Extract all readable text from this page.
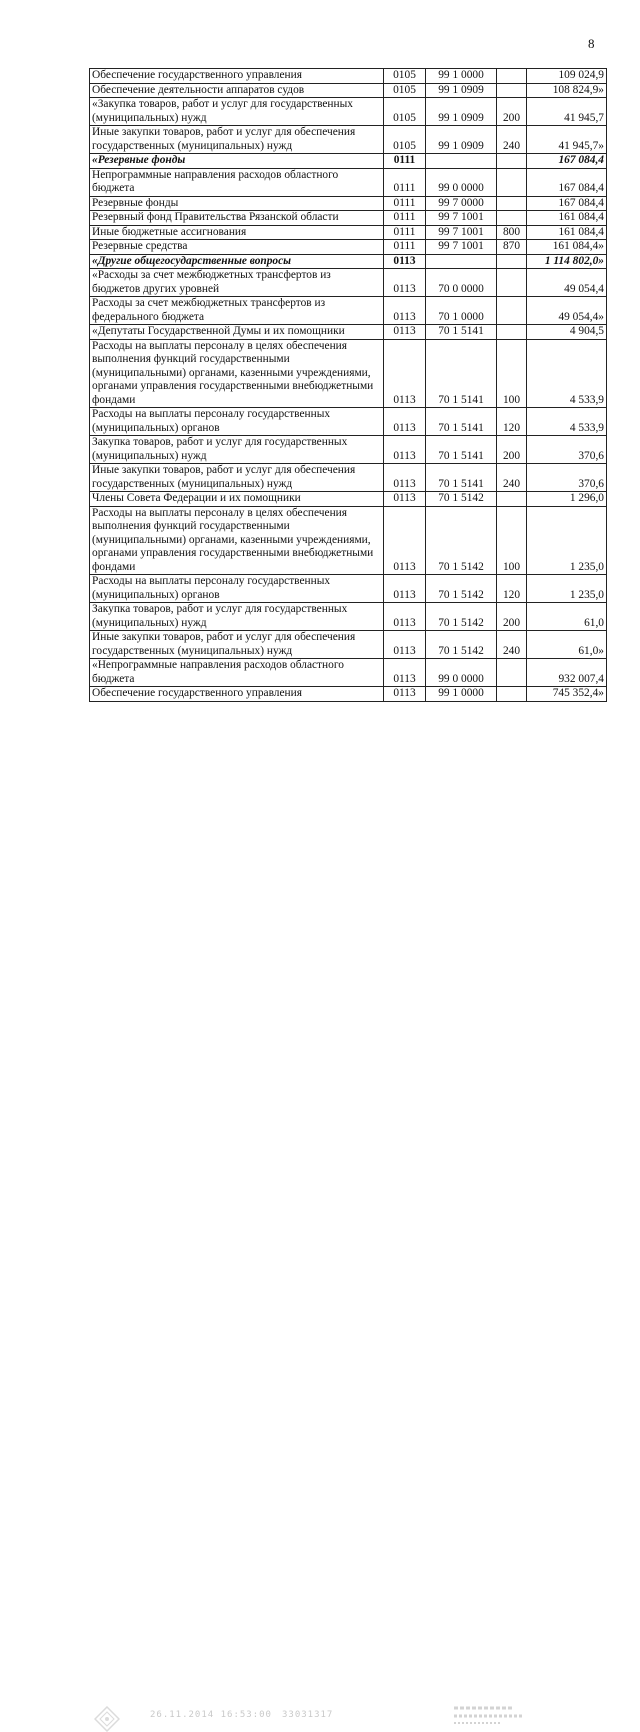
8
Обеспечение государственного управления	0105	99 1 0000		109 024,9
Обеспечение деятельности аппаратов судов	0105	99 1 0909		108 824,9»
«Закупка товаров, работ и услуг для государственных (муниципальных) нужд	0105	99 1 0909	200	41 945,7
Иные закупки товаров, работ и услуг для обеспечения государственных (муниципальных) нужд	0105	99 1 0909	240	41 945,7»
«Резервные фонды	0111			167 084,4
Непрограммные направления расходов областного бюджета	0111	99 0 0000		167 084,4
Резервные фонды	0111	99 7 0000		167 084,4
Резервный фонд Правительства Рязанской области	0111	99 7 1001		161 084,4
Иные бюджетные ассигнования	0111	99 7 1001	800	161 084,4
Резервные средства	0111	99 7 1001	870	161 084,4»
«Другие общегосударственные вопросы	0113			1 114 802,0»
«Расходы за счет межбюджетных трансфертов из бюджетов других уровней	0113	70 0 0000		49 054,4
Расходы за счет межбюджетных трансфертов из федерального бюджета	0113	70 1 0000		49 054,4»
«Депутаты Государственной Думы и их помощники	0113	70 1 5141		4 904,5
Расходы на выплаты персоналу в целях обеспечения выполнения функций государственными (муниципальными) органами, казенными учреждениями, органами управления государственными внебюджетными фондами	0113	70 1 5141	100	4 533,9
Расходы на выплаты персоналу государственных (муниципальных) органов	0113	70 1 5141	120	4 533,9
Закупка товаров, работ и услуг для государственных (муниципальных) нужд	0113	70 1 5141	200	370,6
Иные закупки товаров, работ и услуг для обеспечения государственных (муниципальных) нужд	0113	70 1 5141	240	370,6
Члены Совета Федерации и их помощники	0113	70 1 5142		1 296,0
Расходы на выплаты персоналу в целях обеспечения выполнения функций государственными (муниципальными) органами, казенными учреждениями, органами управления государственными внебюджетными фондами	0113	70 1 5142	100	1 235,0
Расходы на выплаты персоналу государственных (муниципальных) органов	0113	70 1 5142	120	1 235,0
Закупка товаров, работ и услуг для государственных (муниципальных) нужд	0113	70 1 5142	200	61,0
Иные закупки товаров, работ и услуг для обеспечения государственных (муниципальных) нужд	0113	70 1 5142	240	61,0»
«Непрограммные направления расходов областного бюджета	0113	99 0 0000		932 007,4
Обеспечение государственного управления	0113	99 1 0000		745 352,4»
26.11.2014 16:53:00 33031317
